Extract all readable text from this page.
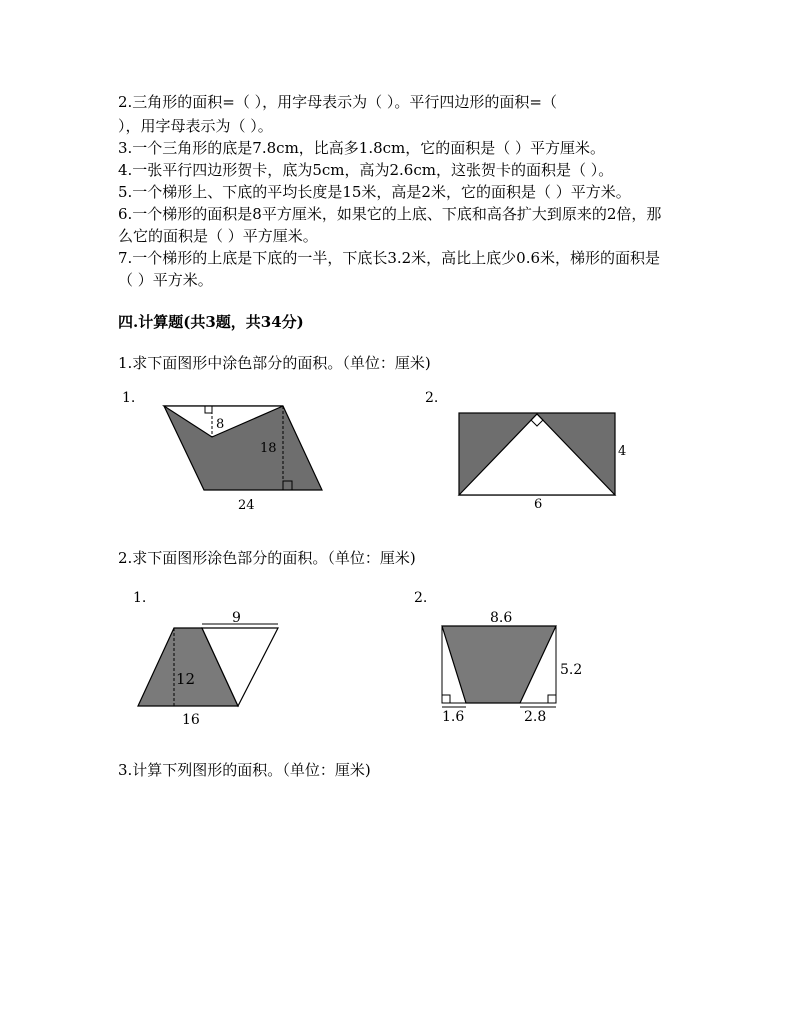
2.三角形的面积=（ ），用字母表示为（ ）。平行四边形的面积=（
），用字母表示为（ ）。
3.一个三角形的底是7.8cm，比高多1.8cm，它的面积是（ ）平方厘米。
4.一张平行四边形贺卡，底为5cm，高为2.6cm，这张贺卡的面积是（ ）。
5.一个梯形上、下底的平均长度是15米，高是2米，它的面积是（ ）平方米。
6.一个梯形的面积是8平方厘米，如果它的上底、下底和高各扩大到原来的2倍，那
么它的面积是（ ）平方厘米。
7.一个梯形的上底是下底的一半，下底长3.2米，高比上底少0.6米，梯形的面积是
（ ）平方米。
四.计算题(共3题，共34分)
1.求下面图形中涂色部分的面积。（单位：厘米)
1.
8
18
24
2.
4
6
2.求下面图形涂色部分的面积。（单位：厘米)
1.
9
12
16
2.
8.6
5.2
1.6	2.8
3.计算下列图形的面积。（单位：厘米)
